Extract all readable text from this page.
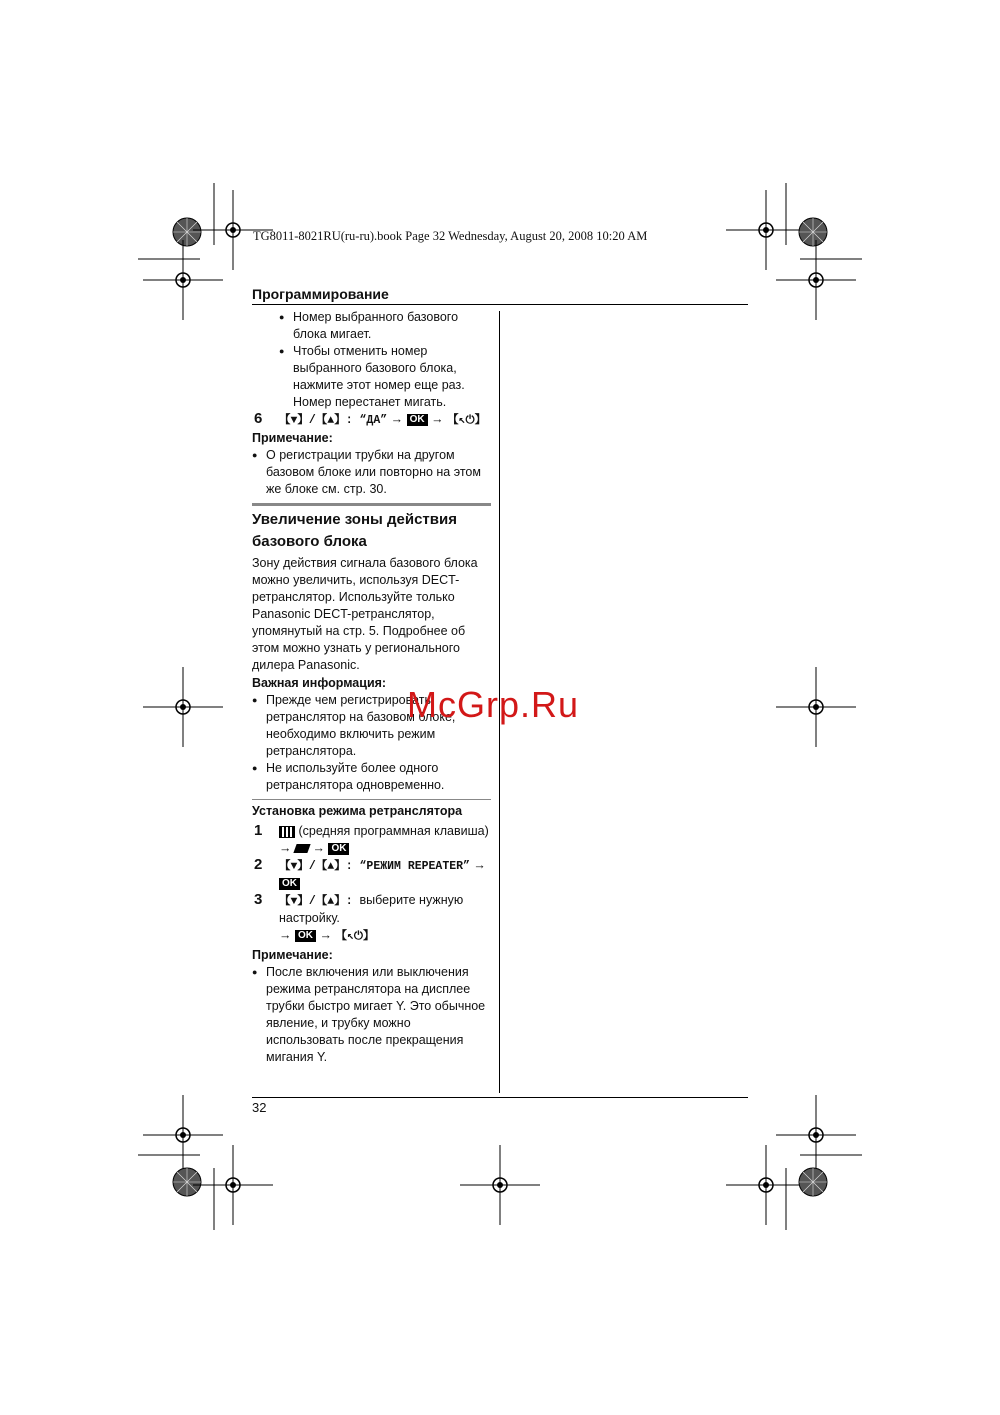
TG8011-8021RU(ru-ru).book Page 32 Wednesday, August 20, 2008 10:20 AM
Программирование
● Номер выбранного базового блока мигает.
● Чтобы отменить номер выбранного базового блока, нажмите этот номер еще раз. Номер перестанет мигать.
6 【▼】/【▲】: “ДА” → OK → 【↖⏻】
Примечание:
● О регистрации трубки на другом базовом блоке или повторно на этом же блоке см. стр. 30.
Увеличение зоны действия базового блока
Зону действия сигнала базового блока можно увеличить, используя DECT-ретранслятор. Используйте только Panasonic DECT-ретранслятор, упомянутый на стр. 5. Подробнее об этом можно узнать у регионального дилера Panasonic.
Важная информация:
● Прежде чем регистрировать ретранслятор на базовом блоке, необходимо включить режим ретранслятора.
● Не используйте более одного ретранслятора одновременно.
Установка режима ретранслятора
1	(средняя программная клавиша)
→ → OK
2 【▼】/【▲】: “РЕЖИМ REPEATER” → OK
3 【▼】/【▲】: выберите нужную настройку.
→ OK → 【↖⏻】
Примечание:
● После включения или выключения режима ретранслятора на дисплее трубки быстро мигает Y. Это обычное явление, и трубку можно использовать после прекращения мигания Y.
32
McGrp.Ru
